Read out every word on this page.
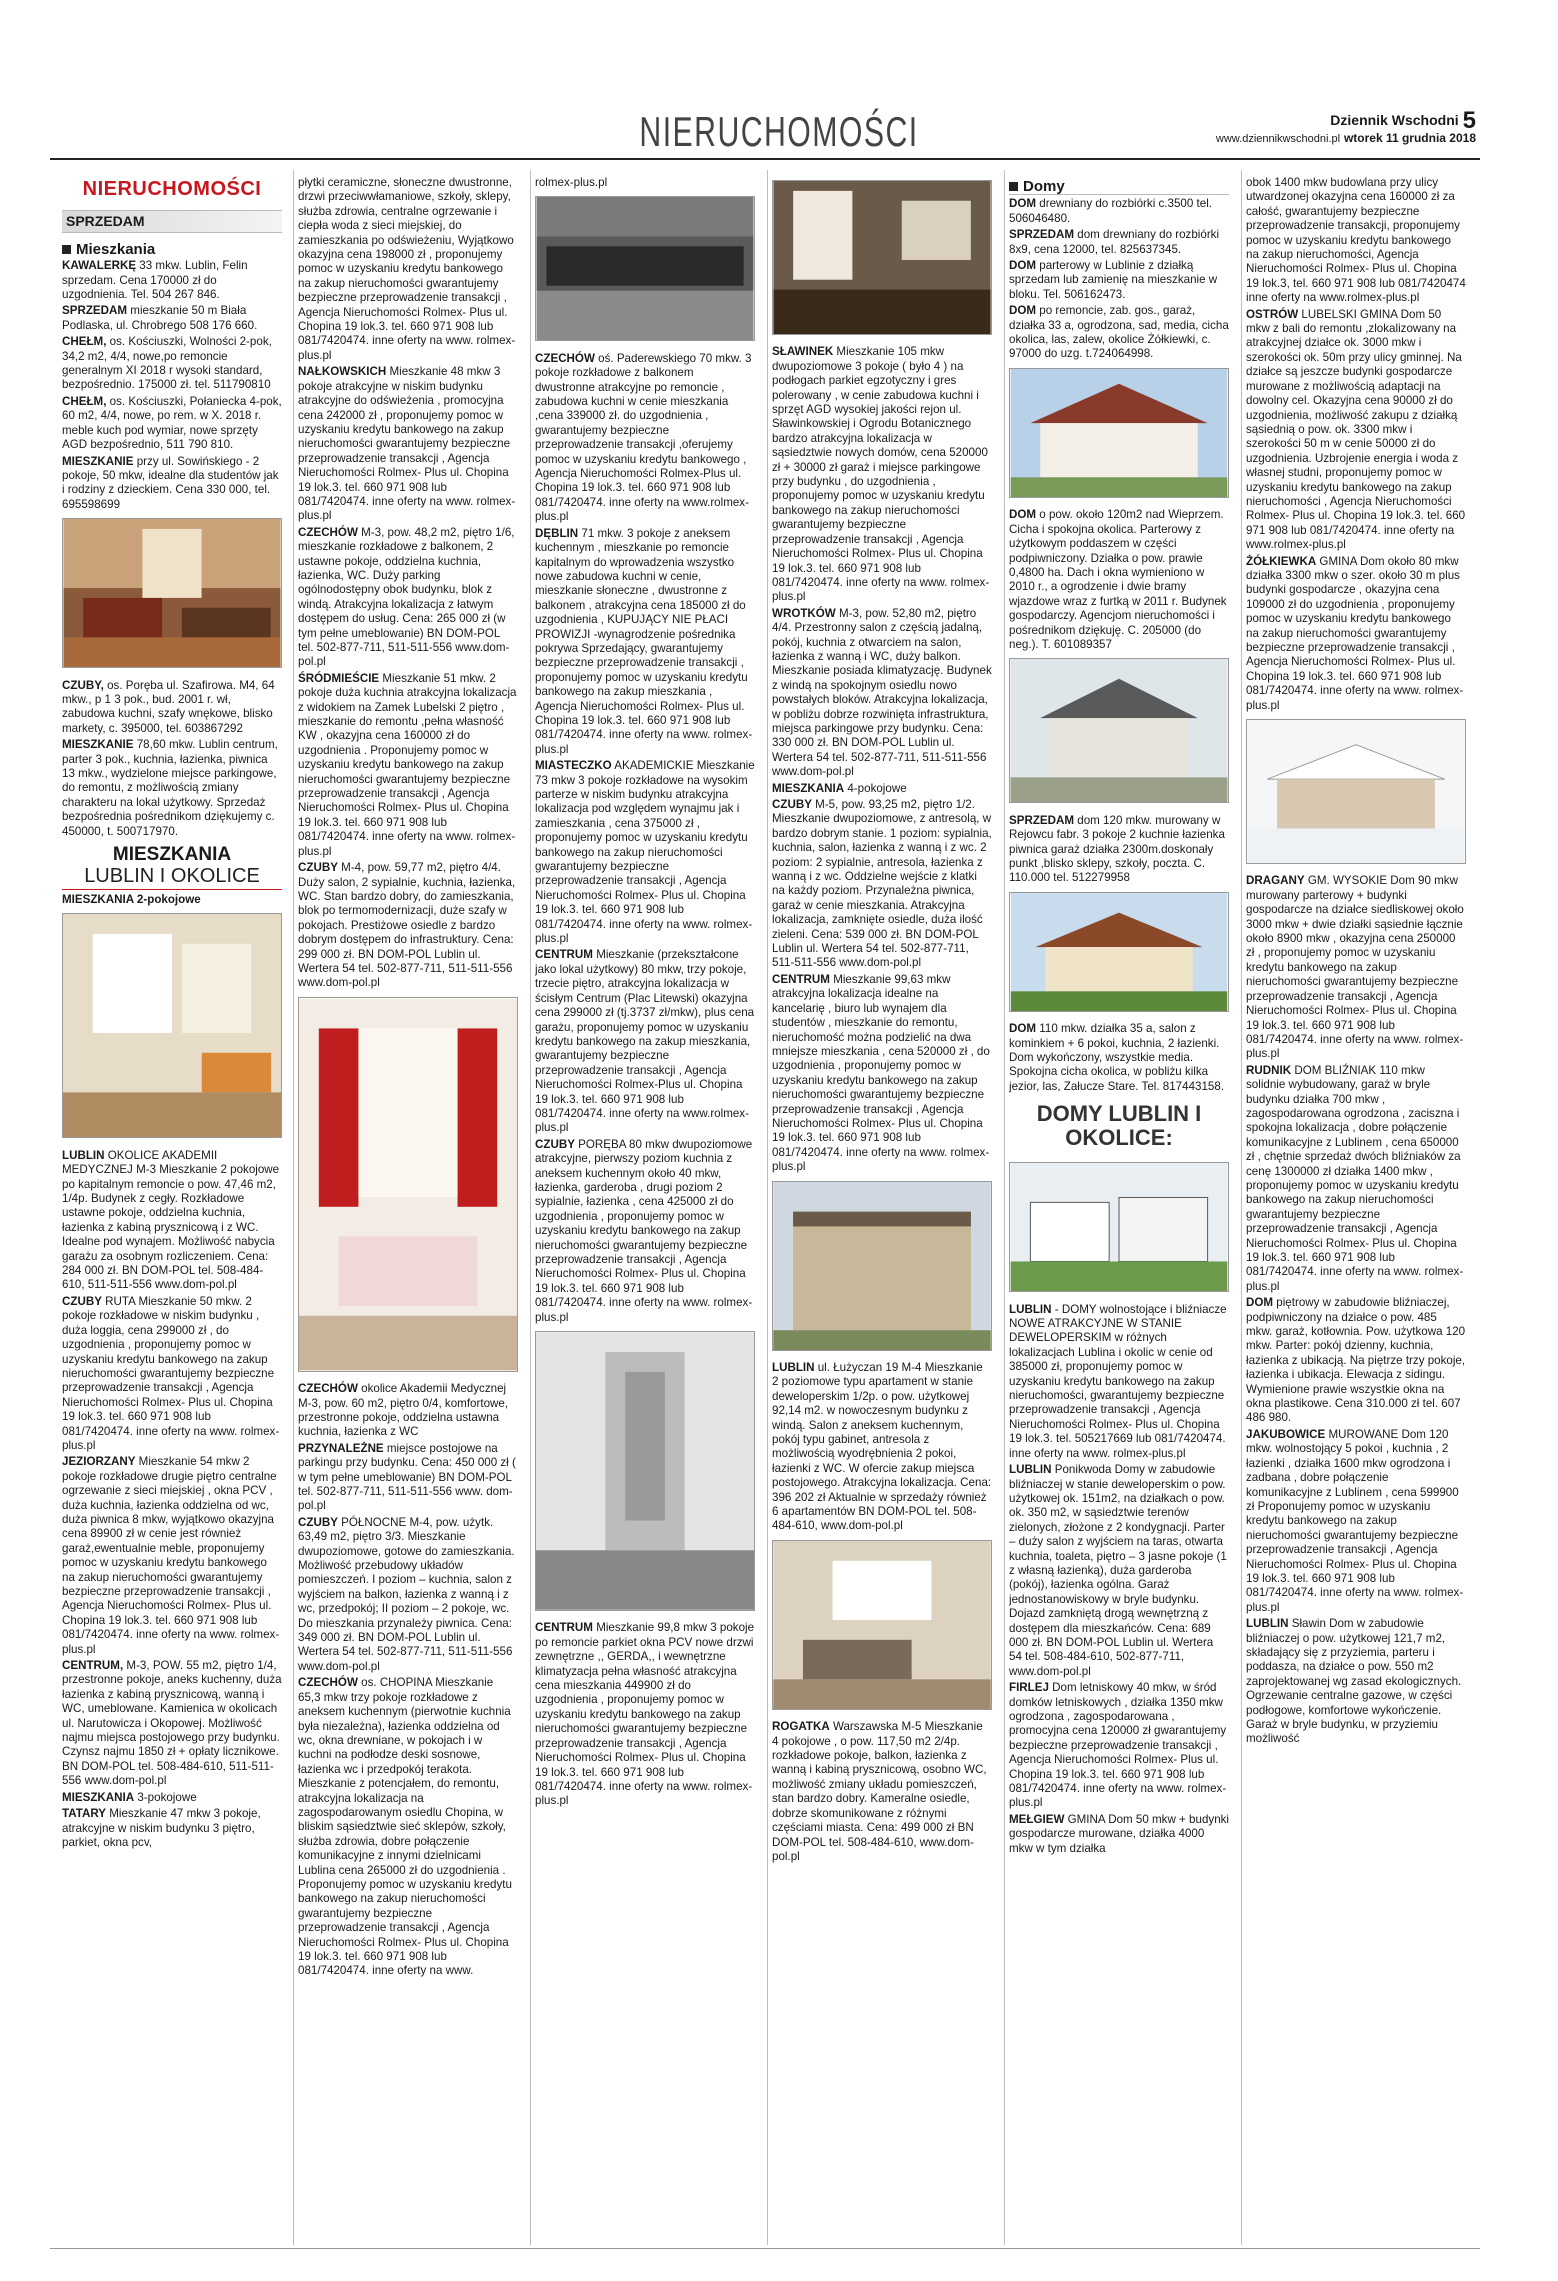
NIERUCHOMOŚCI	Dziennik Wschodni 5
www.dziennikwschodni.pl wtorek 11 grudnia 2018
NIERUCHOMOŚCI
SPRZEDAM
Mieszkania

KAWALERKĘ 33 mkw. Lublin, Felin sprzedam. Cena 170000 zł do uzgodnienia. Tel. 504 267 846.

SPRZEDAM mieszkanie 50 m Biała Podlaska, ul. Chrobrego 508 176 660.

CHEŁM, os. Kościuszki, Wolności 2-pok, 34,2 m2, 4/4, nowe,po remoncie generalnym XI 2018 r wysoki standard, bezpośrednio. 175000 zł. tel. 511790810

CHEŁM, os. Kościuszki, Połaniecka 4-pok, 60 m2, 4/4, nowe, po rem. w X. 2018 r. meble kuch pod wymiar, nowe sprzęty AGD bezpośrednio, 511 790 810.

MIESZKANIE przy ul. Sowińskiego - 2 pokoje, 50 mkw, idealne dla studentów jak i rodziny z dzieckiem. Cena 330 000, tel. 695598699

CZUBY, os. Poręba ul. Szafirowa. M4, 64 mkw., p 1 3 pok., bud. 2001 r. wł, zabudowa kuchni, szafy wnękowe, blisko markety, c. 395000, tel. 603867292

MIESZKANIE 78,60 mkw. Lublin centrum, parter 3 pok., kuchnia, łazienka, piwnica 13 mkw., wydzielone miejsce parkingowe, do remontu, z możliwością zmiany charakteru na lokal użytkowy. Sprzedaż bezpośrednia pośrednikom dziękujemy c. 450000, t. 500717970.

MIESZKANIA
LUBLIN I OKOLICE

MIESZKANIA 2-pokojowe

LUBLIN OKOLICE AKADEMII MEDYCZNEJ M-3 Mieszkanie 2 pokojowe po kapitalnym remoncie o pow. 47,46 m2, 1/4p. Budynek z cegły. Rozkładowe ustawne pokoje, oddzielna kuchnia, łazienka z kabiną prysznicową i z WC. Idealne pod wynajem. Możliwość nabycia garażu za osobnym rozliczeniem. Cena: 284 000 zł. BN DOM-POL tel. 508-484-610, 511-511-556 www.dom-pol.pl

CZUBY RUTA Mieszkanie 50 mkw. 2 pokoje rozkładowe w niskim budynku , duża loggia, cena 299000 zł , do uzgodnienia , proponujemy pomoc w uzyskaniu kredytu bankowego na zakup nieruchomości gwarantujemy bezpieczne przeprowadzenie transakcji , Agencja Nieruchomości Rolmex- Plus ul. Chopina 19 lok.3. tel. 660 971 908 lub 081/7420474. inne oferty na www. rolmex-plus.pl

JEZIORZANY Mieszkanie 54 mkw 2 pokoje rozkładowe drugie piętro centralne ogrzewanie z sieci miejskiej , okna PCV , duża kuchnia, łazienka oddzielna od wc, duża piwnica 8 mkw, wyjątkowo okazyjna cena 89900 zł w cenie jest również garaż,ewentualnie meble, proponujemy pomoc w uzyskaniu kredytu bankowego na zakup nieruchomości gwarantujemy bezpieczne przeprowadzenie transakcji , Agencja Nieruchomości Rolmex- Plus ul. Chopina 19 lok.3. tel. 660 971 908 lub 081/7420474. inne oferty na www. rolmex-plus.pl

CENTRUM, M-3, POW. 55 m2, piętro 1/4, przestronne pokoje, aneks kuchenny, duża łazienka z kabiną prysznicową, wanną i WC, umeblowane. Kamienica w okolicach ul. Narutowicza i Okopowej. Możliwość najmu miejsca postojowego przy budynku. Czynsz najmu 1850 zł + opłaty licznikowe. BN DOM-POL tel. 508-484-610, 511-511-556 www.dom-pol.pl

MIESZKANIA 3-pokojowe

TATARY Mieszkanie 47 mkw 3 pokoje, atrakcyjne w niskim budynku 3 piętro, parkiet, okna pcv,

płytki ceramiczne, słoneczne dwustronne, drzwi przeciwwłamaniowe, szkoły, sklepy, służba zdrowia, centralne ogrzewanie i ciepła woda z sieci miejskiej, do zamieszkania po odświeżeniu, Wyjątkowo okazyjna cena 198000 zł , proponujemy pomoc w uzyskaniu kredytu bankowego na zakup nieruchomości gwarantujemy bezpieczne przeprowadzenie transakcji , Agencja Nieruchomości Rolmex- Plus ul. Chopina 19 lok.3. tel. 660 971 908 lub 081/7420474. inne oferty na www. rolmex-plus.pl

NAŁKOWSKICH Mieszkanie 48 mkw 3 pokoje atrakcyjne w niskim budynku atrakcyjne do odświeżenia , promocyjna cena 242000 zł , proponujemy pomoc w uzyskaniu kredytu bankowego na zakup nieruchomości gwarantujemy bezpieczne przeprowadzenie transakcji , Agencja Nieruchomości Rolmex- Plus ul. Chopina 19 lok.3. tel. 660 971 908 lub 081/7420474. inne oferty na www. rolmex-plus.pl

CZECHÓW M-3, pow. 48,2 m2, piętro 1/6, mieszkanie rozkładowe z balkonem, 2 ustawne pokoje, oddzielna kuchnia, łazienka, WC. Duży parking ogólnodostępny obok budynku, blok z windą. Atrakcyjna lokalizacja z łatwym dostępem do usług. Cena: 265 000 zł (w tym pełne umeblowanie) BN DOM-POL tel. 502-877-711, 511-511-556 www.dom-pol.pl

ŚRÓDMIEŚCIE Mieszkanie 51 mkw. 2 pokoje duża kuchnia atrakcyjna lokalizacja z widokiem na Zamek Lubelski 2 piętro , mieszkanie do remontu ,pełna własność KW , okazyjna cena 160000 zł do uzgodnienia . Proponujemy pomoc w uzyskaniu kredytu bankowego na zakup nieruchomości gwarantujemy bezpieczne przeprowadzenie transakcji , Agencja Nieruchomości Rolmex- Plus ul. Chopina 19 lok.3. tel. 660 971 908 lub 081/7420474. inne oferty na www. rolmex-plus.pl

CZUBY M-4, pow. 59,77 m2, piętro 4/4. Duży salon, 2 sypialnie, kuchnia, łazienka, WC. Stan bardzo dobry, do zamieszkania, blok po termomodernizacji, duże szafy w pokojach. Prestiżowe osiedle z bardzo dobrym dostępem do infrastruktury. Cena: 299 000 zł. BN DOM-POL Lublin ul. Wertera 54 tel. 502-877-711, 511-511-556 www.dom-pol.pl

CZECHÓW okolice Akademii Medycznej M-3, pow. 60 m2, piętro 0/4, komfortowe, przestronne pokoje, oddzielna ustawna kuchnia, łazienka z WC

PRZYNALEŻNE miejsce postojowe na parkingu przy budynku. Cena: 450 000 zł ( w tym pełne umeblowanie) BN DOM-POL tel. 502-877-711, 511-511-556 www. dom-pol.pl

CZUBY PÓŁNOCNE M-4, pow. użytk. 63,49 m2, piętro 3/3. Mieszkanie dwupoziomowe, gotowe do zamieszkania. Możliwość przebudowy układów pomieszczeń. I poziom – kuchnia, salon z wyjściem na balkon, łazienka z wanną i z wc, przedpokój; II poziom – 2 pokoje, wc. Do mieszkania przynależy piwnica. Cena: 349 000 zł. BN DOM-POL Lublin ul. Wertera 54 tel. 502-877-711, 511-511-556 www.dom-pol.pl

CZECHÓW os. CHOPINA Mieszkanie 65,3 mkw trzy pokoje rozkładowe z aneksem kuchennym (pierwotnie kuchnia była niezależna), łazienka oddzielna od wc, okna drewniane, w pokojach i w kuchni na podłodze deski sosnowe, łazienka wc i przedpokój terakota. Mieszkanie z potencjałem, do remontu, atrakcyjna lokalizacja na zagospodarowanym osiedlu Chopina, w bliskim sąsiedztwie sieć sklepów, szkoły, służba zdrowia, dobre połączenie komunikacyjne z innymi dzielnicami Lublina cena 265000 zł do uzgodnienia . Proponujemy pomoc w uzyskaniu kredytu bankowego na zakup nieruchomości gwarantujemy bezpieczne przeprowadzenie transakcji , Agencja Nieruchomości Rolmex- Plus ul. Chopina 19 lok.3. tel. 660 971 908 lub 081/7420474. inne oferty na www.

rolmex-plus.pl

CZECHÓW oś. Paderewskiego 70 mkw. 3 pokoje rozkładowe z balkonem dwustronne atrakcyjne po remoncie , zabudowa kuchni w cenie mieszkania ,cena 339000 zł. do uzgodnienia , gwarantujemy bezpieczne przeprowadzenie transakcji ,oferujemy pomoc w uzyskaniu kredytu bankowego , Agencja Nieruchomości Rolmex-Plus ul. Chopina 19 lok.3. tel. 660 971 908 lub 081/7420474. inne oferty na www.rolmex-plus.pl

DĘBLIN 71 mkw. 3 pokoje z aneksem kuchennym , mieszkanie po remoncie kapitalnym do wprowadzenia wszystko nowe zabudowa kuchni w cenie, mieszkanie słoneczne , dwustronne z balkonem , atrakcyjna cena 185000 zł do uzgodnienia , KUPUJĄCY NIE PŁACI PROWIZJI -wynagrodzenie pośrednika pokrywa Sprzedający, gwarantujemy bezpieczne przeprowadzenie transakcji , proponujemy pomoc w uzyskaniu kredytu bankowego na zakup mieszkania , Agencja Nieruchomości Rolmex- Plus ul. Chopina 19 lok.3. tel. 660 971 908 lub 081/7420474. inne oferty na www. rolmex-plus.pl

MIASTECZKO AKADEMICKIE Mieszkanie 73 mkw 3 pokoje rozkładowe na wysokim parterze w niskim budynku atrakcyjna lokalizacja pod względem wynajmu jak i zamieszkania , cena 375000 zł , proponujemy pomoc w uzyskaniu kredytu bankowego na zakup nieruchomości gwarantujemy bezpieczne przeprowadzenie transakcji , Agencja Nieruchomości Rolmex- Plus ul. Chopina 19 lok.3. tel. 660 971 908 lub 081/7420474. inne oferty na www. rolmex-plus.pl

CENTRUM Mieszkanie (przekształcone jako lokal użytkowy) 80 mkw, trzy pokoje, trzecie piętro, atrakcyjna lokalizacja w ścisłym Centrum (Plac Litewski) okazyjna cena 299000 zł (tj.3737 zł/mkw), plus cena garażu, proponujemy pomoc w uzyskaniu kredytu bankowego na zakup mieszkania, gwarantujemy bezpieczne przeprowadzenie transakcji , Agencja Nieruchomości Rolmex-Plus ul. Chopina 19 lok.3. tel. 660 971 908 lub 081/7420474. inne oferty na www.rolmex-plus.pl

CZUBY PORĘBA 80 mkw dwupoziomowe atrakcyjne, pierwszy poziom kuchnia z aneksem kuchennym około 40 mkw, łazienka, garderoba , drugi poziom 2 sypialnie, łazienka , cena 425000 zł do uzgodnienia , proponujemy pomoc w uzyskaniu kredytu bankowego na zakup nieruchomości gwarantujemy bezpieczne przeprowadzenie transakcji , Agencja Nieruchomości Rolmex- Plus ul. Chopina 19 lok.3. tel. 660 971 908 lub 081/7420474. inne oferty na www. rolmex-plus.pl

CENTRUM Mieszkanie 99,8 mkw 3 pokoje po remoncie parkiet okna PCV nowe drzwi zewnętrzne ,, GERDA,, i wewnętrzne klimatyzacja pełna własność atrakcyjna cena mieszkania 449900 zł do uzgodnienia , proponujemy pomoc w uzyskaniu kredytu bankowego na zakup nieruchomości gwarantujemy bezpieczne przeprowadzenie transakcji , Agencja Nieruchomości Rolmex- Plus ul. Chopina 19 lok.3. tel. 660 971 908 lub 081/7420474. inne oferty na www. rolmex-plus.pl

SŁAWINEK Mieszkanie 105 mkw dwupoziomowe 3 pokoje ( było 4 ) na podłogach parkiet egzotyczny i gres polerowany , w cenie zabudowa kuchni i sprzęt AGD wysokiej jakości rejon ul. Sławinkowskiej i Ogrodu Botanicznego bardzo atrakcyjna lokalizacja w sąsiedztwie nowych domów, cena 520000 zł + 30000 zł garaż i miejsce parkingowe przy budynku , do uzgodnienia , proponujemy pomoc w uzyskaniu kredytu bankowego na zakup nieruchomości gwarantujemy bezpieczne przeprowadzenie transakcji , Agencja Nieruchomości Rolmex- Plus ul. Chopina 19 lok.3. tel. 660 971 908 lub 081/7420474. inne oferty na www. rolmex-plus.pl

WROTKÓW M-3, pow. 52,80 m2, piętro 4/4. Przestronny salon z częścią jadalną, pokój, kuchnia z otwarciem na salon, łazienka z wanną i WC, duży balkon. Mieszkanie posiada klimatyzację. Budynek z windą na spokojnym osiedlu nowo powstałych bloków. Atrakcyjna lokalizacja, w pobliżu dobrze rozwinięta infrastruktura, miejsca parkingowe przy budynku. Cena: 330 000 zł. BN DOM-POL Lublin ul. Wertera 54 tel. 502-877-711, 511-511-556 www.dom-pol.pl

MIESZKANIA 4-pokojowe

CZUBY M-5, pow. 93,25 m2, piętro 1/2. Mieszkanie dwupoziomowe, z antresolą, w bardzo dobrym stanie. 1 poziom: sypialnia, kuchnia, salon, łazienka z wanną i z wc. 2 poziom: 2 sypialnie, antresola, łazienka z wanną i z wc. Oddzielne wejście z klatki na każdy poziom. Przynależna piwnica, garaż w cenie mieszkania. Atrakcyjna lokalizacja, zamknięte osiedle, duża ilość zieleni. Cena: 539 000 zł. BN DOM-POL Lublin ul. Wertera 54 tel. 502-877-711, 511-511-556 www.dom-pol.pl

CENTRUM Mieszkanie 99,63 mkw atrakcyjna lokalizacja idealne na kancelarię , biuro lub wynajem dla studentów , mieszkanie do remontu, nieruchomość można podzielić na dwa mniejsze mieszkania , cena 520000 zł , do uzgodnienia , proponujemy pomoc w uzyskaniu kredytu bankowego na zakup nieruchomości gwarantujemy bezpieczne przeprowadzenie transakcji , Agencja Nieruchomości Rolmex- Plus ul. Chopina 19 lok.3. tel. 660 971 908 lub 081/7420474. inne oferty na www. rolmex-plus.pl

LUBLIN ul. Łużyczan 19 M-4 Mieszkanie 2 poziomowe typu apartament w stanie deweloperskim 1/2p. o pow. użytkowej 92,14 m2. w nowoczesnym budynku z windą. Salon z aneksem kuchennym, pokój typu gabinet, antresola z możliwością wyodrębnienia 2 pokoi, łazienki z WC. W ofercie zakup miejsca postojowego. Atrakcyjna lokalizacja. Cena: 396 202 zł Aktualnie w sprzedaży również 6 apartamentów BN DOM-POL tel. 508-484-610, www.dom-pol.pl

ROGATKA Warszawska M-5 Mieszkanie 4 pokojowe , o pow. 117,50 m2 2/4p. rozkładowe pokoje, balkon, łazienka z wanną i kabiną prysznicową, osobno WC, możliwość zmiany układu pomieszczeń, stan bardzo dobry. Kameralne osiedle, dobrze skomunikowane z różnymi częściami miasta. Cena: 499 000 zł BN DOM-POL tel. 508-484-610, www.dom-pol.pl

Domy

DOM drewniany do rozbiórki c.3500 tel. 506046480.

SPRZEDAM dom drewniany do rozbiórki 8x9, cena 12000, tel. 825637345.

DOM parterowy w Lublinie z działką sprzedam lub zamienię na mieszkanie w bloku. Tel. 506162473.

DOM po remoncie, zab. gos., garaż, działka 33 a, ogrodzona, sad, media, cicha okolica, las, zalew, okolice Żółkiewki, c. 97000 do uzg. t.724064998.

DOM o pow. około 120m2 nad Wieprzem. Cicha i spokojna okolica. Parterowy z użytkowym poddaszem w części podpiwniczony. Działka o pow. prawie 0,4800 ha. Dach i okna wymieniono w 2010 r., a ogrodzenie i dwie bramy wjazdowe wraz z furtką w 2011 r. Budynek gospodarczy. Agencjom nieruchomości i pośrednikom dziękuję. C. 205000 (do neg.). T. 601089357

SPRZEDAM dom 120 mkw. murowany w Rejowcu fabr. 3 pokoje 2 kuchnie łazienka piwnica garaż działka 2300m.doskonały punkt ,blisko sklepy, szkoły, poczta. C. 110.000 tel. 512279958

DOM 110 mkw. działka 35 a, salon z kominkiem + 6 pokoi, kuchnia, 2 łazienki. Dom wykończony, wszystkie media. Spokojna cicha okolica, w pobliżu kilka jezior, las, Załucze Stare. Tel. 817443158.

DOMY LUBLIN I OKOLICE:

LUBLIN - DOMY wolnostojące i bliźniacze NOWE ATRAKCYJNE W STANIE DEWELOPERSKIM w różnych lokalizacjach Lublina i okolic w cenie od 385000 zł, proponujemy pomoc w uzyskaniu kredytu bankowego na zakup nieruchomości, gwarantujemy bezpieczne przeprowadzenie transakcji , Agencja Nieruchomości Rolmex- Plus ul. Chopina 19 lok.3. tel. 505217669 lub 081/7420474. inne oferty na www. rolmex-plus.pl

LUBLIN Ponikwoda Domy w zabudowie bliźniaczej w stanie deweloperskim o pow. użytkowej ok. 151m2, na działkach o pow. ok. 350 m2, w sąsiedztwie terenów zielonych, złożone z 2 kondygnacji. Parter – duży salon z wyjściem na taras, otwarta kuchnia, toaleta, piętro – 3 jasne pokoje (1 z własną łazienką), duża garderoba (pokój), łazienka ogólna. Garaż jednostanowiskowy w bryle budynku. Dojazd zamkniętą drogą wewnętrzną z dostępem dla mieszkańców. Cena: 689 000 zł. BN DOM-POL Lublin ul. Wertera 54 tel. 508-484-610, 502-877-711, www.dom-pol.pl

FIRLEJ Dom letniskowy 40 mkw, w śród domków letniskowych , działka 1350 mkw ogrodzona , zagospodarowana , promocyjna cena 120000 zł gwarantujemy bezpieczne przeprowadzenie transakcji , Agencja Nieruchomości Rolmex- Plus ul. Chopina 19 lok.3. tel. 660 971 908 lub 081/7420474. inne oferty na www. rolmex-plus.pl

MEŁGIEW GMINA Dom 50 mkw + budynki gospodarcze murowane, działka 4000 mkw w tym działka

obok 1400 mkw budowlana przy ulicy utwardzonej okazyjna cena 160000 zł za całość, gwarantujemy bezpieczne przeprowadzenie transakcji, proponujemy pomoc w uzyskaniu kredytu bankowego na zakup nieruchomości, Agencja Nieruchomości Rolmex- Plus ul. Chopina 19 lok.3, tel. 660 971 908 lub 081/7420474 inne oferty na www.rolmex-plus.pl

OSTRÓW LUBELSKI GMINA Dom 50 mkw z bali do remontu ,zlokalizowany na atrakcyjnej działce ok. 3000 mkw i szerokości ok. 50m przy ulicy gminnej. Na działce są jeszcze budynki gospodarcze murowane z możliwością adaptacji na dowolny cel. Okazyjna cena 90000 zł do uzgodnienia, możliwość zakupu z działką sąsiednią o pow. ok. 3300 mkw i szerokości 50 m w cenie 50000 zł do uzgodnienia. Uzbrojenie energia i woda z własnej studni, proponujemy pomoc w uzyskaniu kredytu bankowego na zakup nieruchomości , Agencja Nieruchomości Rolmex- Plus ul. Chopina 19 lok.3. tel. 660 971 908 lub 081/7420474. inne oferty na www.rolmex-plus.pl

ŻÓŁKIEWKA GMINA Dom około 80 mkw działka 3300 mkw o szer. około 30 m plus budynki gospodarcze , okazyjna cena 109000 zł do uzgodnienia , proponujemy pomoc w uzyskaniu kredytu bankowego na zakup nieruchomości gwarantujemy bezpieczne przeprowadzenie transakcji , Agencja Nieruchomości Rolmex- Plus ul. Chopina 19 lok.3. tel. 660 971 908 lub 081/7420474. inne oferty na www. rolmex-plus.pl

DRAGANY GM. WYSOKIE Dom 90 mkw murowany parterowy + budynki gospodarcze na działce siedliskowej około 3000 mkw + dwie działki sąsiednie łącznie około 8900 mkw , okazyjna cena 250000 zł , proponujemy pomoc w uzyskaniu kredytu bankowego na zakup nieruchomości gwarantujemy bezpieczne przeprowadzenie transakcji , Agencja Nieruchomości Rolmex- Plus ul. Chopina 19 lok.3. tel. 660 971 908 lub 081/7420474. inne oferty na www. rolmex-plus.pl

RUDNIK DOM BLIŹNIAK 110 mkw solidnie wybudowany, garaż w bryle budynku działka 700 mkw , zagospodarowana ogrodzona , zaciszna i spokojna lokalizacja , dobre połączenie komunikacyjne z Lublinem , cena 650000 zł , chętnie sprzedaż dwóch bliźniaków za cenę 1300000 zł działka 1400 mkw , proponujemy pomoc w uzyskaniu kredytu bankowego na zakup nieruchomości gwarantujemy bezpieczne przeprowadzenie transakcji , Agencja Nieruchomości Rolmex- Plus ul. Chopina 19 lok.3. tel. 660 971 908 lub 081/7420474. inne oferty na www. rolmex-plus.pl

DOM piętrowy w zabudowie bliźniaczej, podpiwniczony na działce o pow. 485 mkw. garaż, kotłownia. Pow. użytkowa 120 mkw. Parter: pokój dzienny, kuchnia, łazienka z ubikacją. Na piętrze trzy pokoje, łazienka i ubikacja. Elewacja z sidingu. Wymienione prawie wszystkie okna na okna plastikowe. Cena 310.000 zł tel. 607 486 980.

JAKUBOWICE MUROWANE Dom 120 mkw. wolnostojący 5 pokoi , kuchnia , 2 łazienki , działka 1600 mkw ogrodzona i zadbana , dobre połączenie komunikacyjne z Lublinem , cena 599900 zł Proponujemy pomoc w uzyskaniu kredytu bankowego na zakup nieruchomości gwarantujemy bezpieczne przeprowadzenie transakcji , Agencja Nieruchomości Rolmex- Plus ul. Chopina 19 lok.3. tel. 660 971 908 lub 081/7420474. inne oferty na www. rolmex-plus.pl

LUBLIN Sławin Dom w zabudowie bliźniaczej o pow. użytkowej 121,7 m2, składający się z przyziemia, parteru i poddasza, na działce o pow. 550 m2 zaprojektowanej wg zasad ekologicznych. Ogrzewanie centralne gazowe, w części podłogowe, komfortowe wykończenie. Garaż w bryle budynku, w przyziemiu możliwość
